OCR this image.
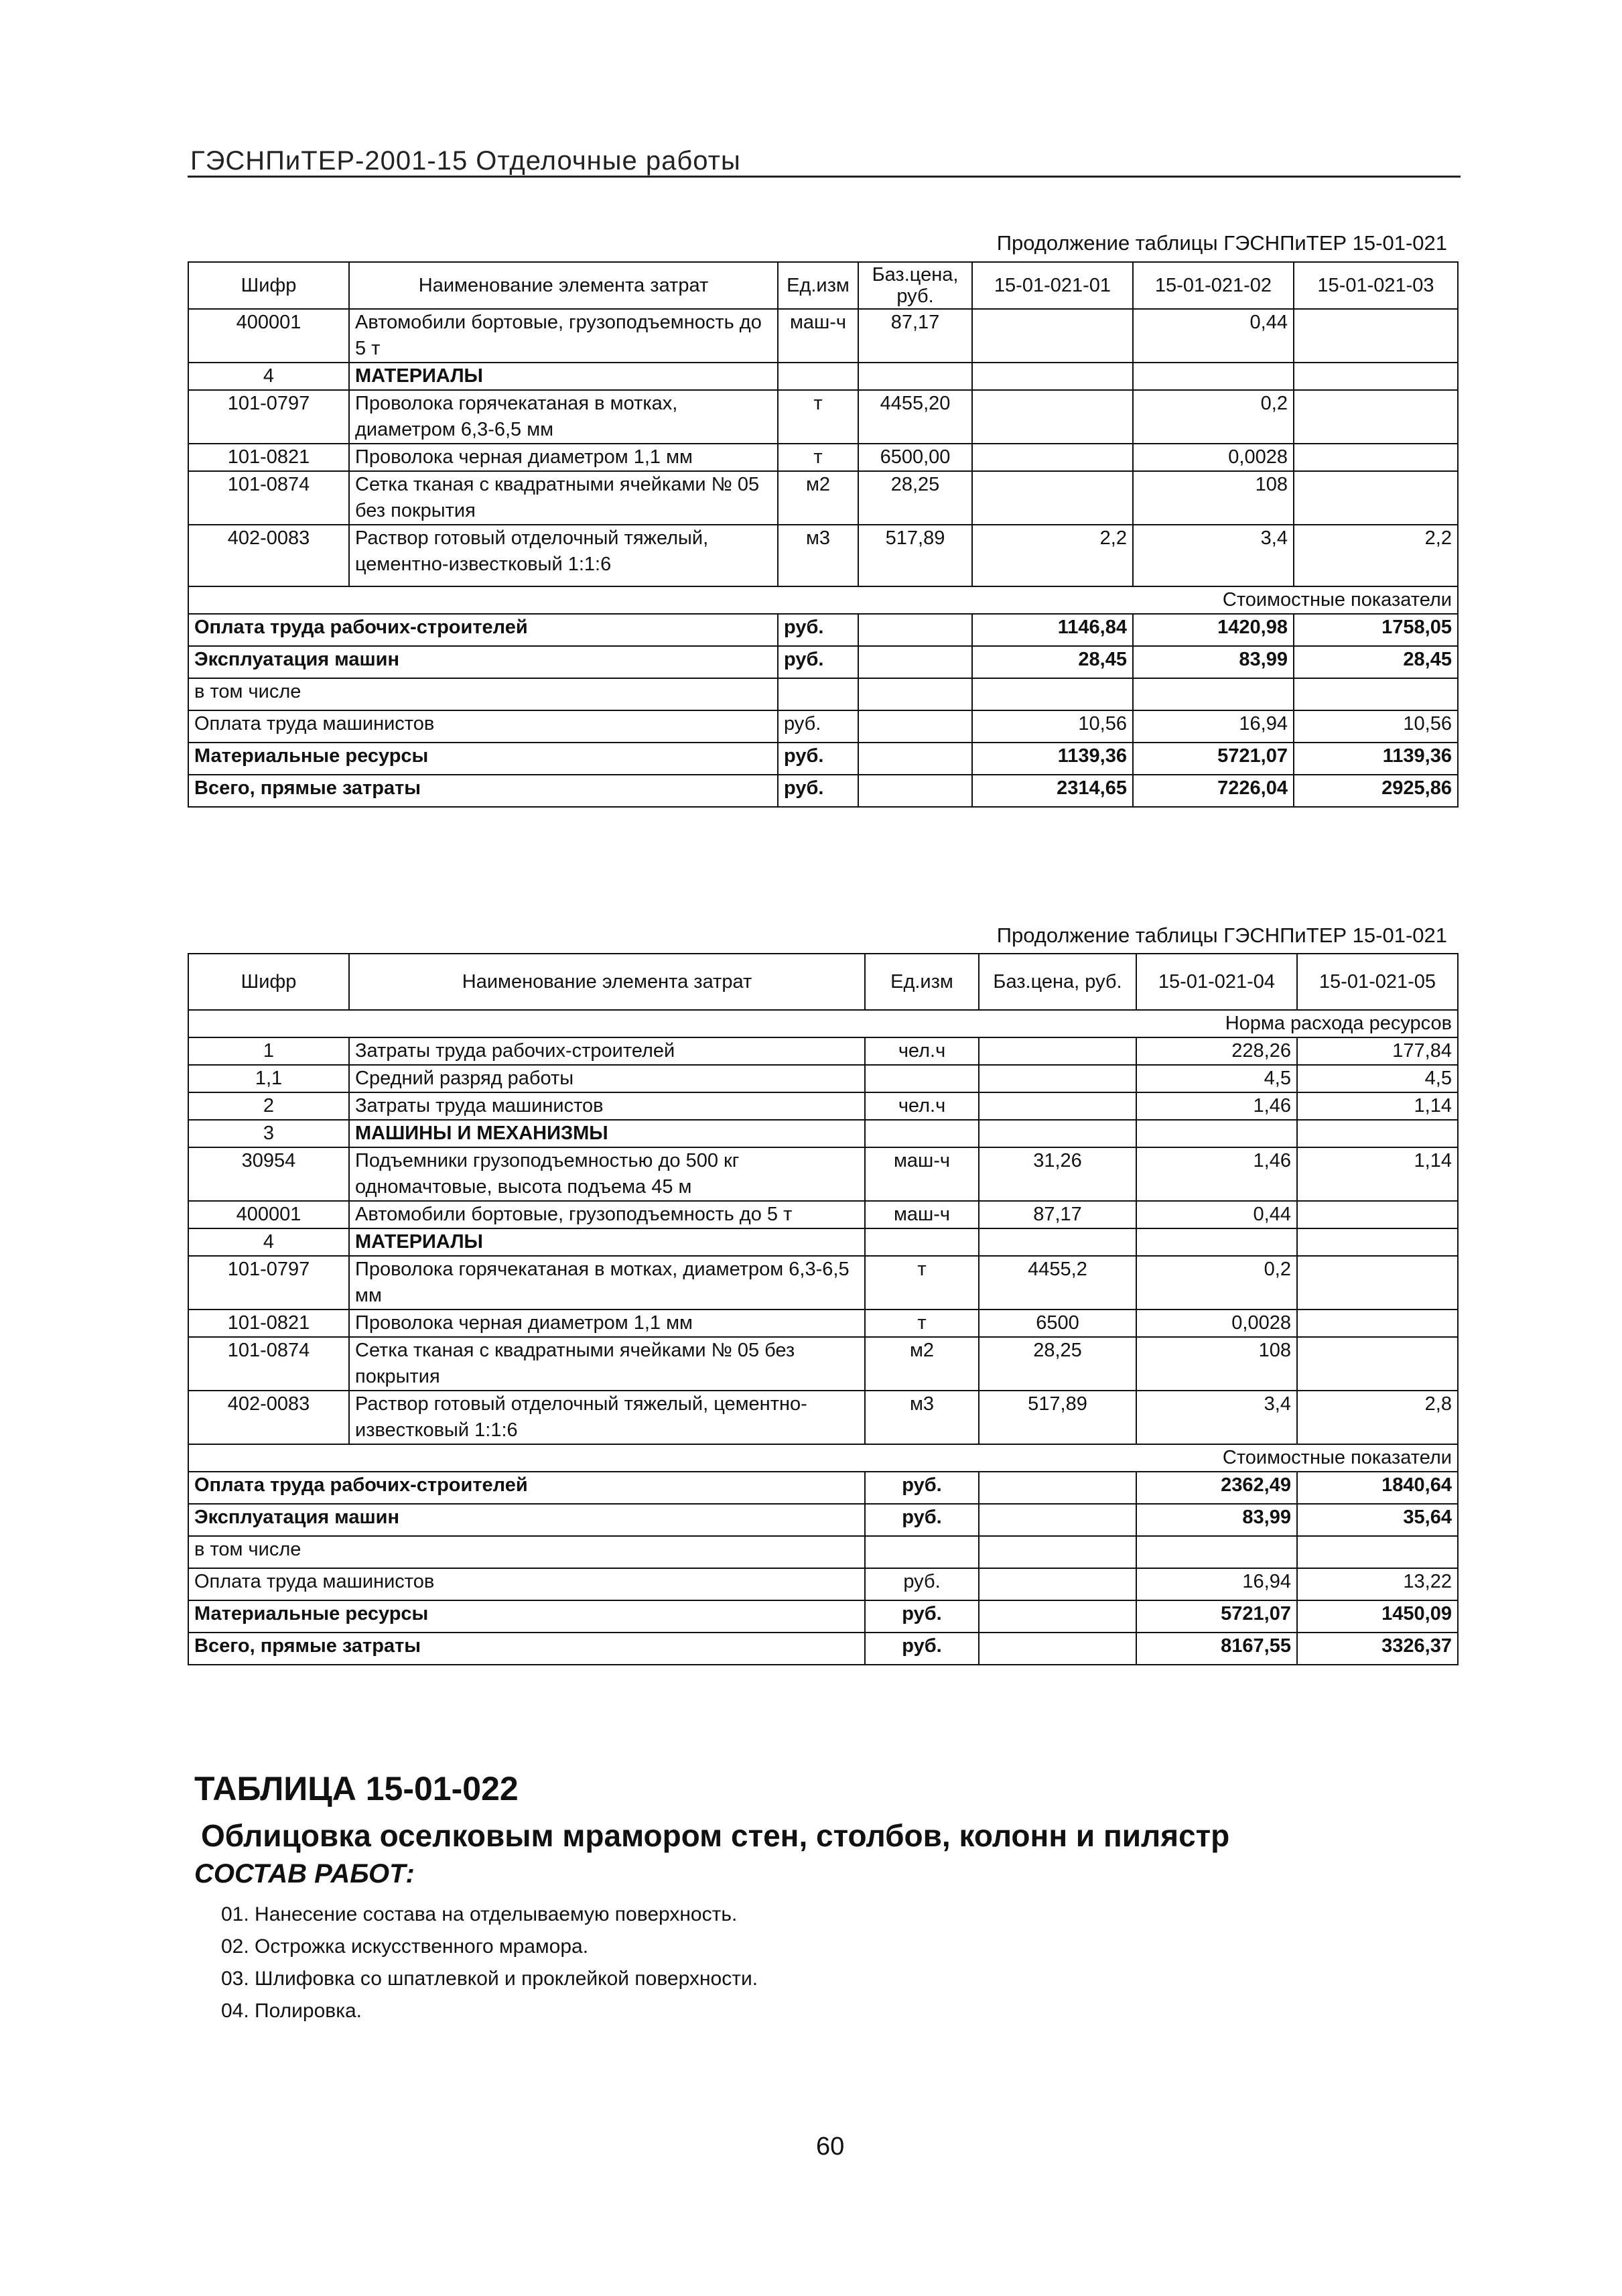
ГЭСНПиТЕР-2001-15 Отделочные работы
Продолжение таблицы ГЭСНПиТЕР 15-01-021
Шифр	Наименование элемента затрат	Ед.изм	Баз.цена, руб.	15-01-021-01	15-01-021-02	15-01-021-03
400001	Автомобили бортовые, грузоподъемность до 5 т	маш-ч	87,17		0,44	
4	МАТЕРИАЛЫ					
101-0797	Проволока горячекатаная в мотках, диаметром 6,3-6,5 мм	т	4455,20		0,2	
101-0821	Проволока черная диаметром 1,1 мм	т	6500,00		0,0028	
101-0874	Сетка тканая с квадратными ячейками № 05 без покрытия	м2	28,25		108	
402-0083	Раствор готовый отделочный тяжелый, цементно-известковый 1:1:6	м3	517,89	2,2	3,4	2,2
				Стоимостные показатели		
Оплата труда рабочих-строителей		руб.		1146,84	1420,98	1758,05
Эксплуатация машин		руб.		28,45	83,99	28,45
в том числе						
Оплата труда машинистов		руб.		10,56	16,94	10,56
Материальные ресурсы		руб.		1139,36	5721,07	1139,36
Всего, прямые затраты		руб.		2314,65	7226,04	2925,86
Продолжение таблицы ГЭСНПиТЕР 15-01-021
Шифр	Наименование элемента затрат	Ед.изм	Баз.цена, руб.	15-01-021-04	15-01-021-05
				Норма расхода ресурсов	
1	Затраты труда рабочих-строителей	чел.ч		228,26	177,84
1,1	Средний разряд работы			4,5	4,5
2	Затраты труда машинистов	чел.ч		1,46	1,14
3	МАШИНЫ И МЕХАНИЗМЫ				
30954	Подъемники грузоподъемностью до 500 кг одномачтовые, высота подъема 45 м	маш-ч	31,26	1,46	1,14
400001	Автомобили бортовые, грузоподъемность до 5 т	маш-ч	87,17	0,44	
4	МАТЕРИАЛЫ				
101-0797	Проволока горячекатаная в мотках, диаметром 6,3-6,5 мм	т	4455,2	0,2	
101-0821	Проволока черная диаметром 1,1 мм	т	6500	0,0028	
101-0874	Сетка тканая с квадратными ячейками № 05 без покрытия	м2	28,25	108	
402-0083	Раствор готовый отделочный тяжелый, цементно-известковый 1:1:6	м3	517,89	3,4	2,8
				Стоимостные показатели	
Оплата труда рабочих-строителей		руб.		2362,49	1840,64
Эксплуатация машин		руб.		83,99	35,64
в том числе					
Оплата труда машинистов		руб.		16,94	13,22
Материальные ресурсы		руб.		5721,07	1450,09
Всего, прямые затраты		руб.		8167,55	3326,37
ТАБЛИЦА 15-01-022
Облицовка оселковым мрамором стен, столбов, колонн и пилястр
СОСТАВ РАБОТ:
01. Нанесение состава на отделываемую поверхность.
02. Острожка искусственного мрамора.
03. Шлифовка со шпатлевкой и проклейкой поверхности.
04. Полировка.
60
